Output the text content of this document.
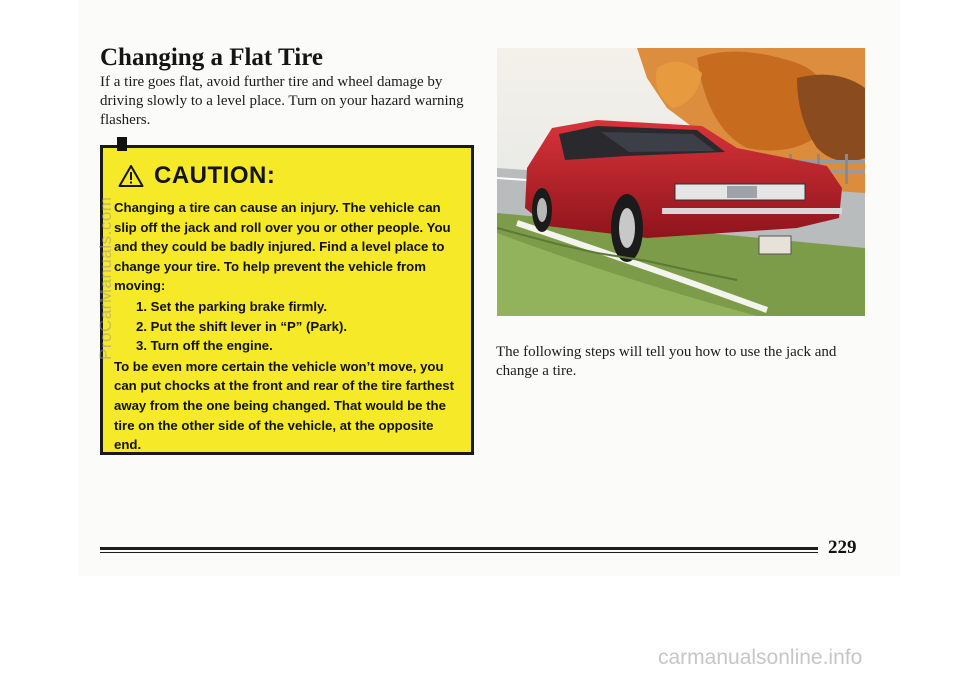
Changing a Flat Tire

If a tire goes flat, avoid further tire and wheel damage by driving slowly to a level place. Turn on your hazard warning flashers.

CAUTION:

Changing a tire can cause an injury. The vehicle can slip off the jack and roll over you or other people. You and they could be badly injured. Find a level place to change your tire. To help prevent the vehicle from moving:

1. Set the parking brake firmly.
2. Put the shift lever in “P” (Park).
3. Turn off the engine.

To be even more certain the vehicle won’t move, you can put chocks at the front and rear of the tire farthest away from the one being changed. That would be the tire on the other side of the vehicle, at the opposite end.

The following steps will tell you how to use the jack and change a tire.

229

ProCarManuals.com
carmanualsonline.info
